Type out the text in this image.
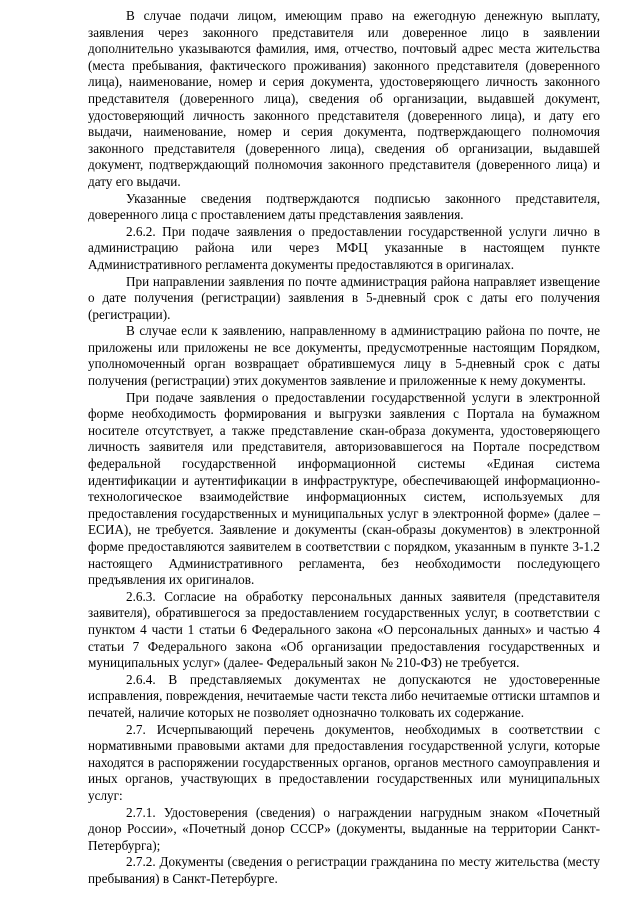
В случае подачи лицом, имеющим право на ежегодную денежную выплату, заявления через законного представителя или доверенное лицо в заявлении дополнительно указываются фамилия, имя, отчество, почтовый адрес места жительства (места пребывания, фактического проживания) законного представителя (доверенного лица), наименование, номер и серия документа, удостоверяющего личность законного представителя (доверенного лица), сведения об организации, выдавшей документ, удостоверяющий личность законного представителя (доверенного лица), и дату его выдачи, наименование, номер и серия документа, подтверждающего полномочия законного представителя (доверенного лица), сведения об организации, выдавшей документ, подтверждающий полномочия законного представителя (доверенного лица) и дату его выдачи.

Указанные сведения подтверждаются подписью законного представителя, доверенного лица с проставлением даты представления заявления.

2.6.2. При подаче заявления о предоставлении государственной услуги лично в администрацию района или через МФЦ указанные в настоящем пункте Административного регламента документы предоставляются в оригиналах.

При направлении заявления по почте администрация района направляет извещение о дате получения (регистрации) заявления в 5-дневный срок с даты его получения (регистрации).

В случае если к заявлению, направленному в администрацию района по почте, не приложены или приложены не все документы, предусмотренные настоящим Порядком, уполномоченный орган возвращает обратившемуся лицу в 5-дневный срок с даты получения (регистрации) этих документов заявление и приложенные к нему документы.

При подаче заявления о предоставлении государственной услуги в электронной форме необходимость формирования и выгрузки заявления с Портала на бумажном носителе отсутствует, а также представление скан-образа документа, удостоверяющего личность заявителя или представителя, авторизовавшегося на Портале посредством федеральной государственной информационной системы «Единая система идентификации и аутентификации в инфраструктуре, обеспечивающей информационно-технологическое взаимодействие информационных систем, используемых для предоставления государственных и муниципальных услуг в электронной форме» (далее – ЕСИА), не требуется. Заявление и документы (скан-образы документов) в электронной форме предоставляются заявителем в соответствии с порядком, указанным в пункте 3-1.2 настоящего Административного регламента, без необходимости последующего предъявления их оригиналов.

2.6.3. Согласие на обработку персональных данных заявителя (представителя заявителя), обратившегося за предоставлением государственных услуг, в соответствии с пунктом 4 части 1 статьи 6 Федерального закона «О персональных данных» и частью 4 статьи 7 Федерального закона «Об организации предоставления государственных и муниципальных услуг» (далее- Федеральный закон № 210-ФЗ) не требуется.

2.6.4. В представляемых документах не допускаются не удостоверенные исправления, повреждения, нечитаемые части текста либо нечитаемые оттиски штампов и печатей, наличие которых не позволяет однозначно толковать их содержание.

2.7. Исчерпывающий перечень документов, необходимых в соответствии с нормативными правовыми актами для предоставления государственной услуги, которые находятся в распоряжении государственных органов, органов местного самоуправления и иных органов, участвующих в предоставлении государственных или муниципальных услуг:

2.7.1. Удостоверения (сведения) о награждении нагрудным знаком «Почетный донор России», «Почетный донор СССР» (документы, выданные на территории Санкт-Петербурга);

2.7.2. Документы (сведения о регистрации гражданина по месту жительства (месту пребывания) в Санкт-Петербурге.
